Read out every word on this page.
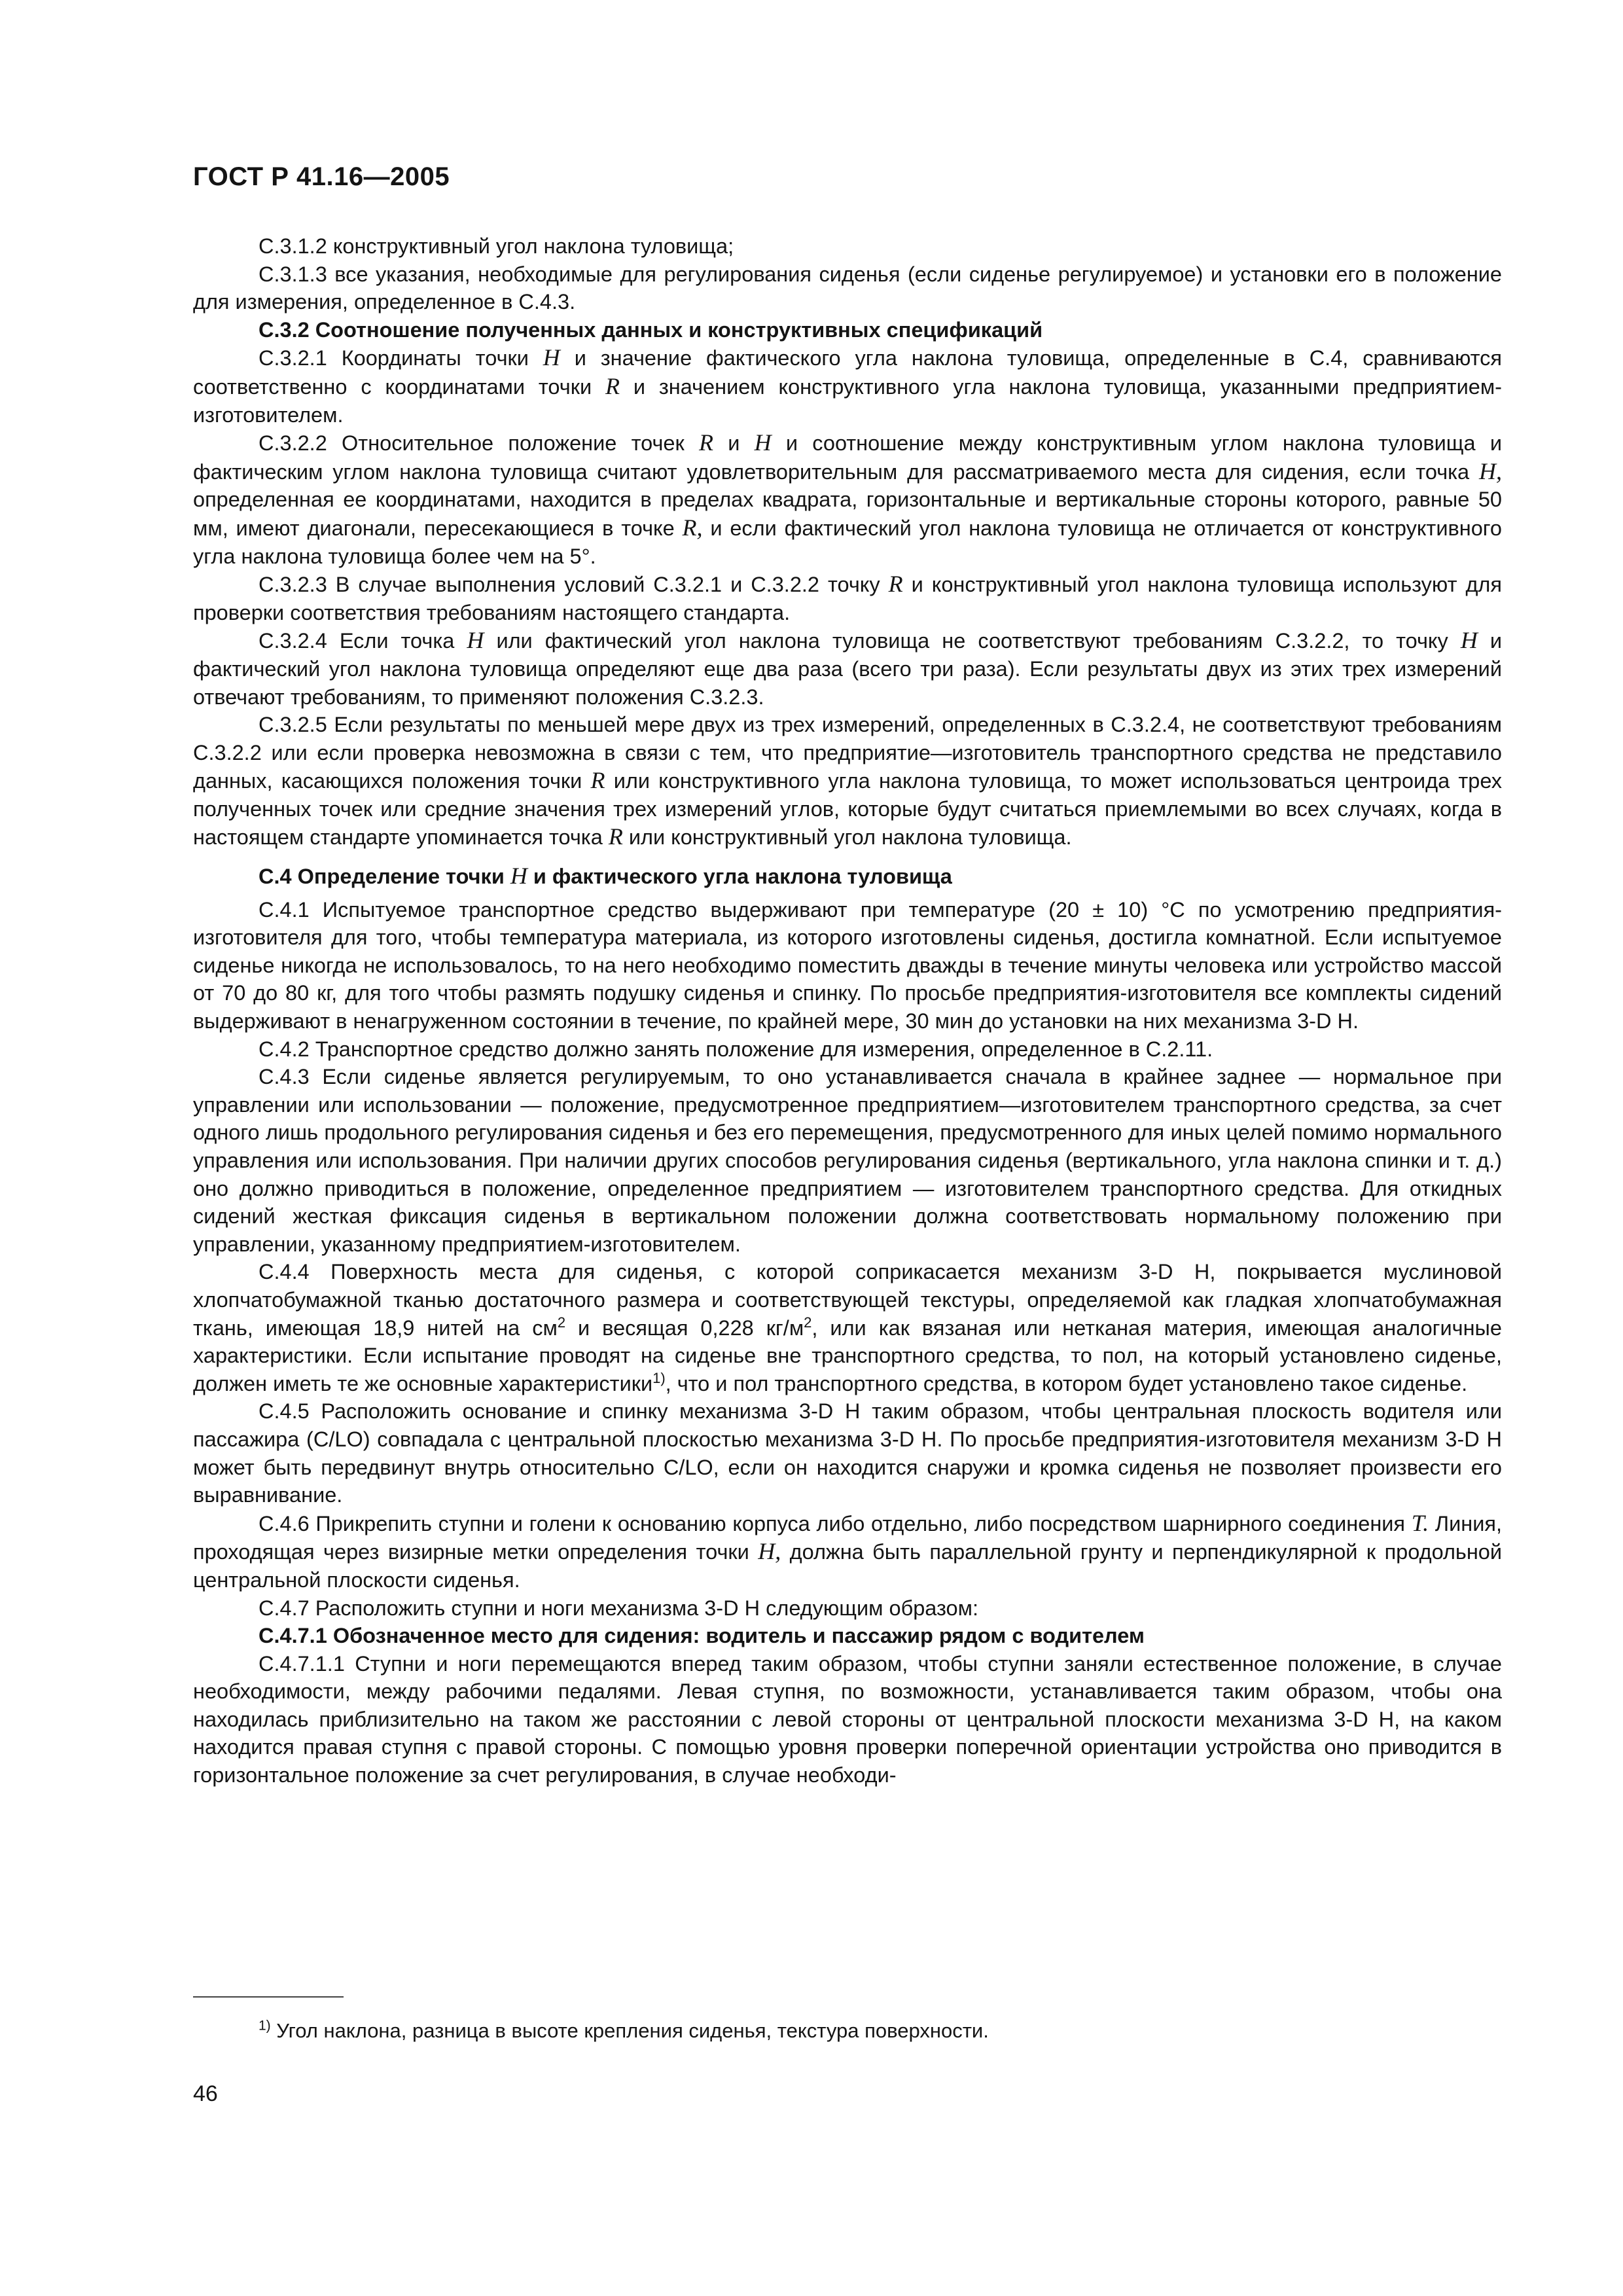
ГОСТ Р 41.16—2005

С.3.1.2 конструктивный угол наклона туловища;

С.3.1.3 все указания, необходимые для регулирования сиденья (если сиденье регулируемое) и установки его в положение для измерения, определенное в С.4.3.

С.3.2 Соотношение полученных данных и конструктивных спецификаций

С.3.2.1 Координаты точки H и значение фактического угла наклона туловища, определенные в С.4, сравниваются соответственно с координатами точки R и значением конструктивного угла наклона туловища, указанными предприятием-изготовителем.

С.3.2.2 Относительное положение точек R и H и соотношение между конструктивным углом наклона туловища и фактическим углом наклона туловища считают удовлетворительным для рассматриваемого места для сидения, если точка H, определенная ее координатами, находится в пределах квадрата, горизонтальные и вертикальные стороны которого, равные 50 мм, имеют диагонали, пересекающиеся в точке R, и если фактический угол наклона туловища не отличается от конструктивного угла наклона туловища более чем на 5°.

С.3.2.3 В случае выполнения условий С.3.2.1 и С.3.2.2 точку R и конструктивный угол наклона туловища используют для проверки соответствия требованиям настоящего стандарта.

С.3.2.4 Если точка H или фактический угол наклона туловища не соответствуют требованиям С.3.2.2, то точку H и фактический угол наклона туловища определяют еще два раза (всего три раза). Если результаты двух из этих трех измерений отвечают требованиям, то применяют положения С.3.2.3.

С.3.2.5 Если результаты по меньшей мере двух из трех измерений, определенных в С.3.2.4, не соответствуют требованиям С.3.2.2 или если проверка невозможна в связи с тем, что предприятие—изготовитель транспортного средства не представило данных, касающихся положения точки R или конструктивного угла наклона туловища, то может использоваться центроида трех полученных точек или средние значения трех измерений углов, которые будут считаться приемлемыми во всех случаях, когда в настоящем стандарте упоминается точка R или конструктивный угол наклона туловища.

С.4 Определение точки H и фактического угла наклона туловища

С.4.1 Испытуемое транспортное средство выдерживают при температуре (20 ± 10) °С по усмотрению предприятия-изготовителя для того, чтобы температура материала, из которого изготовлены сиденья, достигла комнатной. Если испытуемое сиденье никогда не использовалось, то на него необходимо поместить дважды в течение минуты человека или устройство массой от 70 до 80 кг, для того чтобы размять подушку сиденья и спинку. По просьбе предприятия-изготовителя все комплекты сидений выдерживают в ненагруженном состоянии в течение, по крайней мере, 30 мин до установки на них механизма 3-D H.

С.4.2 Транспортное средство должно занять положение для измерения, определенное в С.2.11.

С.4.3 Если сиденье является регулируемым, то оно устанавливается сначала в крайнее заднее — нормальное при управлении или использовании — положение, предусмотренное предприятием—изготовителем транспортного средства, за счет одного лишь продольного регулирования сиденья и без его перемещения, предусмотренного для иных целей помимо нормального управления или использования. При наличии других способов регулирования сиденья (вертикального, угла наклона спинки и т. д.) оно должно приводиться в положение, определенное предприятием — изготовителем транспортного средства. Для откидных сидений жесткая фиксация сиденья в вертикальном положении должна соответствовать нормальному положению при управлении, указанному предприятием-изготовителем.

С.4.4 Поверхность места для сиденья, с которой соприкасается механизм 3-D H, покрывается муслиновой хлопчатобумажной тканью достаточного размера и соответствующей текстуры, определяемой как гладкая хлопчатобумажная ткань, имеющая 18,9 нитей на $см^2$ и весящая 0,228 $кг/м^2$, или как вязаная или нетканая материя, имеющая аналогичные характеристики. Если испытание проводят на сиденье вне транспортного средства, то пол, на который установлено сиденье, должен иметь те же основные характеристики$^{1)}$, что и пол транспортного средства, в котором будет установлено такое сиденье.

С.4.5 Расположить основание и спинку механизма 3-D H таким образом, чтобы центральная плоскость водителя или пассажира (C/LO) совпадала с центральной плоскостью механизма 3-D H. По просьбе предприятия-изготовителя механизм 3-D H может быть передвинут внутрь относительно C/LO, если он находится снаружи и кромка сиденья не позволяет произвести его выравнивание.

С.4.6 Прикрепить ступни и голени к основанию корпуса либо отдельно, либо посредством шарнирного соединения T. Линия, проходящая через визирные метки определения точки H, должна быть параллельной грунту и перпендикулярной к продольной центральной плоскости сиденья.

С.4.7 Расположить ступни и ноги механизма 3-D H следующим образом:

С.4.7.1 Обозначенное место для сидения: водитель и пассажир рядом с водителем

С.4.7.1.1 Ступни и ноги перемещаются вперед таким образом, чтобы ступни заняли естественное положение, в случае необходимости, между рабочими педалями. Левая ступня, по возможности, устанавливается таким образом, чтобы она находилась приблизительно на таком же расстоянии с левой стороны от центральной плоскости механизма 3-D H, на каком находится правая ступня с правой стороны. С помощью уровня проверки поперечной ориентации устройства оно приводится в горизонтальное положение за счет регулирования, в случае необходи-

$^{1)}$ Угол наклона, разница в высоте крепления сиденья, текстура поверхности.
46
